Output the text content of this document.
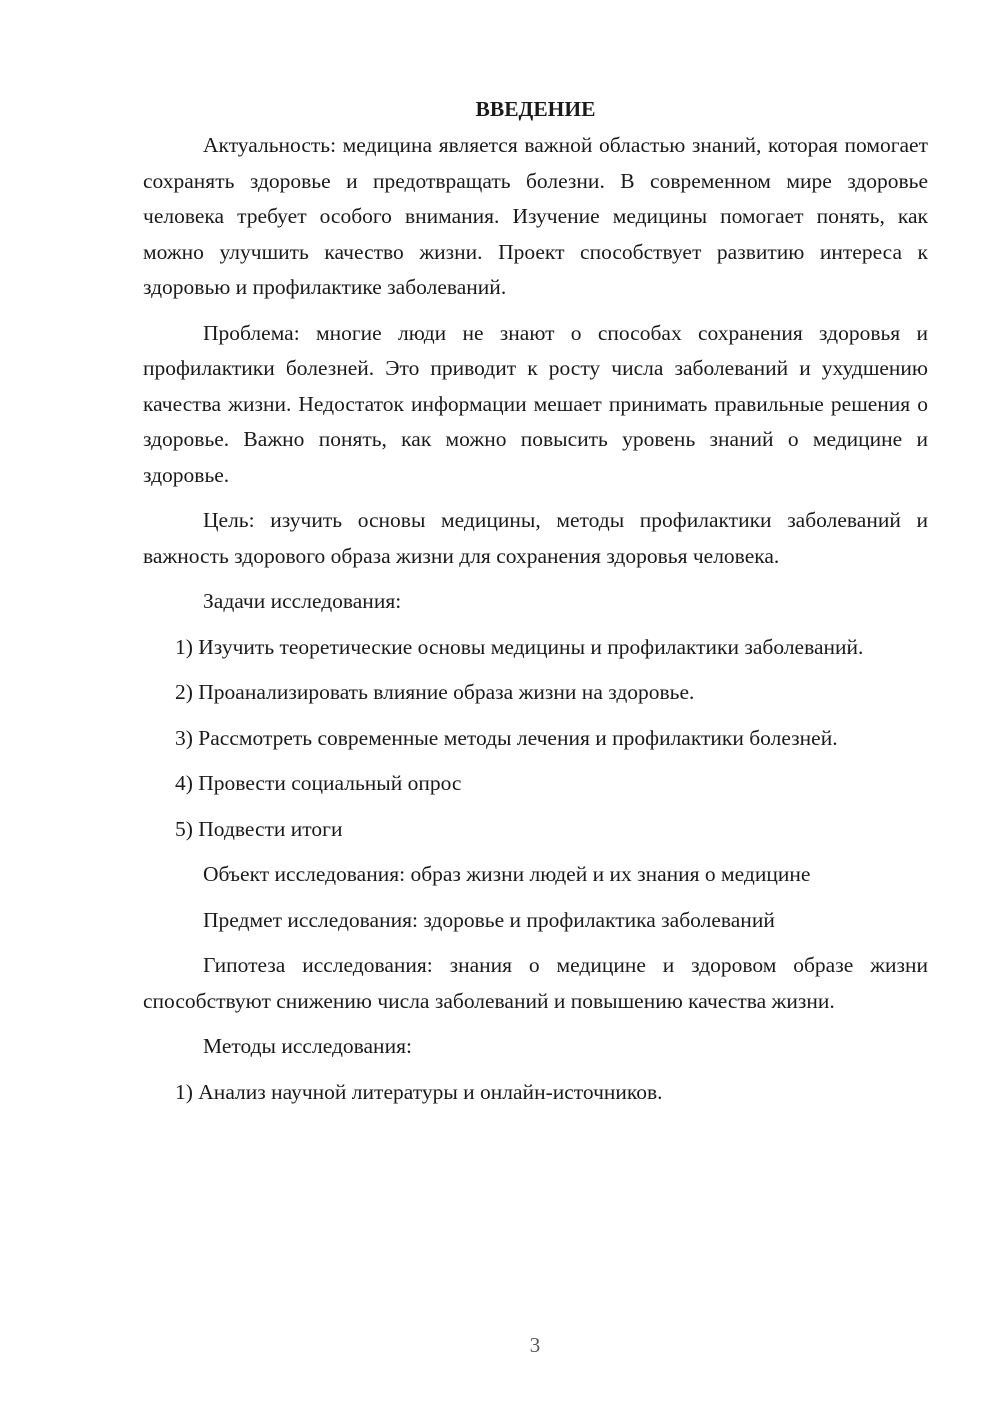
ВВЕДЕНИЕ

Актуальность: медицина является важной областью знаний, которая помогает сохранять здоровье и предотвращать болезни. В современном мире здоровье человека требует особого внимания. Изучение медицины помогает понять, как можно улучшить качество жизни. Проект способствует развитию интереса к здоровью и профилактике заболеваний.

Проблема: многие люди не знают о способах сохранения здоровья и профилактики болезней. Это приводит к росту числа заболеваний и ухудшению качества жизни. Недостаток информации мешает принимать правильные решения о здоровье. Важно понять, как можно повысить уровень знаний о медицине и здоровье.

Цель: изучить основы медицины, методы профилактики заболеваний и важность здорового образа жизни для сохранения здоровья человека.

Задачи исследования:

1) Изучить теоретические основы медицины и профилактики заболеваний.

2) Проанализировать влияние образа жизни на здоровье.

3) Рассмотреть современные методы лечения и профилактики болезней.

4) Провести социальный опрос

5) Подвести итоги

Объект исследования: образ жизни людей и их знания о медицине

Предмет исследования: здоровье и профилактика заболеваний

Гипотеза исследования: знания о медицине и здоровом образе жизни способствуют снижению числа заболеваний и повышению качества жизни.

Методы исследования:

1) Анализ научной литературы и онлайн-источников.

3
